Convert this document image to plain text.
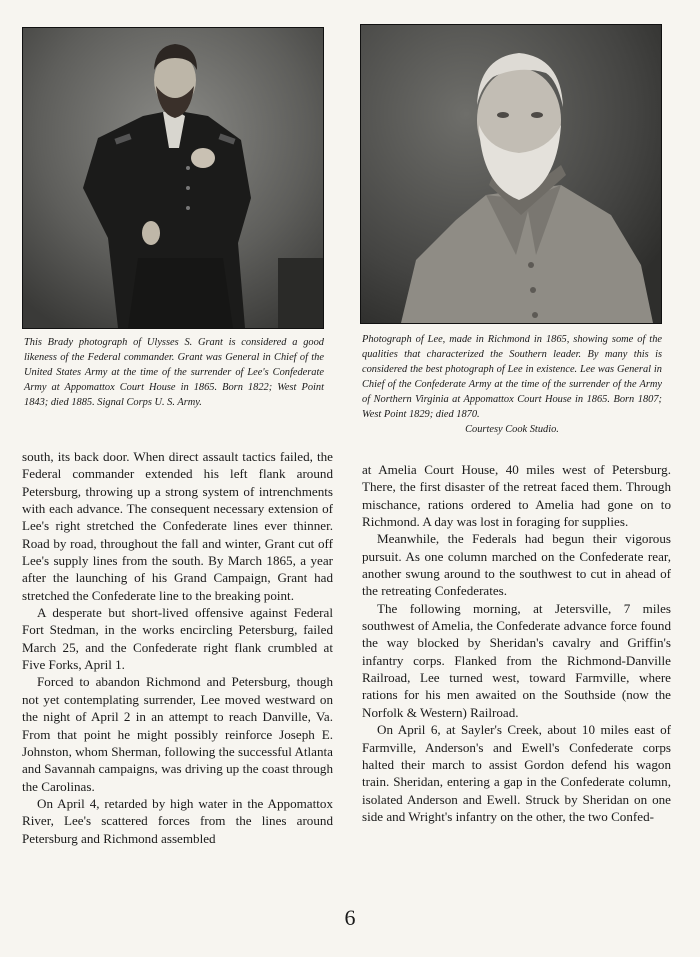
This Brady photograph of Ulysses S. Grant is considered a good likeness of the Federal commander. Grant was General in Chief of the United States Army at the time of the surrender of Lee's Confederate Army at Appomattox Court House in 1865. Born 1822; West Point 1843; died 1885. Signal Corps U. S. Army.

Photograph of Lee, made in Richmond in 1865, showing some of the qualities that characterized the Southern leader. By many this is considered the best photograph of Lee in existence. Lee was General in Chief of the Confederate Army at the time of the surrender of the Army of Northern Virginia at Appomattox Court House in 1865. Born 1807; West Point 1829; died 1870.
Courtesy Cook Studio.

south, its back door. When direct assault tactics failed, the Federal commander extended his left flank around Petersburg, throwing up a strong system of intrenchments with each advance. The consequent necessary extension of Lee's right stretched the Confederate lines ever thinner. Road by road, throughout the fall and winter, Grant cut off Lee's supply lines from the south. By March 1865, a year after the launching of his Grand Campaign, Grant had stretched the Confederate line to the breaking point.

A desperate but short-lived offensive against Federal Fort Stedman, in the works encircling Petersburg, failed March 25, and the Confederate right flank crumbled at Five Forks, April 1.

Forced to abandon Richmond and Petersburg, though not yet contemplating surrender, Lee moved westward on the night of April 2 in an attempt to reach Danville, Va. From that point he might possibly reinforce Joseph E. Johnston, whom Sherman, following the successful Atlanta and Savannah campaigns, was driving up the coast through the Carolinas.

On April 4, retarded by high water in the Appomattox River, Lee's scattered forces from the lines around Petersburg and Richmond assembled

at Amelia Court House, 40 miles west of Petersburg. There, the first disaster of the retreat faced them. Through mischance, rations ordered to Amelia had gone on to Richmond. A day was lost in foraging for supplies.

Meanwhile, the Federals had begun their vigorous pursuit. As one column marched on the Confederate rear, another swung around to the southwest to cut in ahead of the retreating Confederates.

The following morning, at Jetersville, 7 miles southwest of Amelia, the Confederate advance force found the way blocked by Sheridan's cavalry and Griffin's infantry corps. Flanked from the Richmond-Danville Railroad, Lee turned west, toward Farmville, where rations for his men awaited on the Southside (now the Norfolk & Western) Railroad.

On April 6, at Sayler's Creek, about 10 miles east of Farmville, Anderson's and Ewell's Confederate corps halted their march to assist Gordon defend his wagon train. Sheridan, entering a gap in the Confederate column, isolated Anderson and Ewell. Struck by Sheridan on one side and Wright's infantry on the other, the two Confed-

6
